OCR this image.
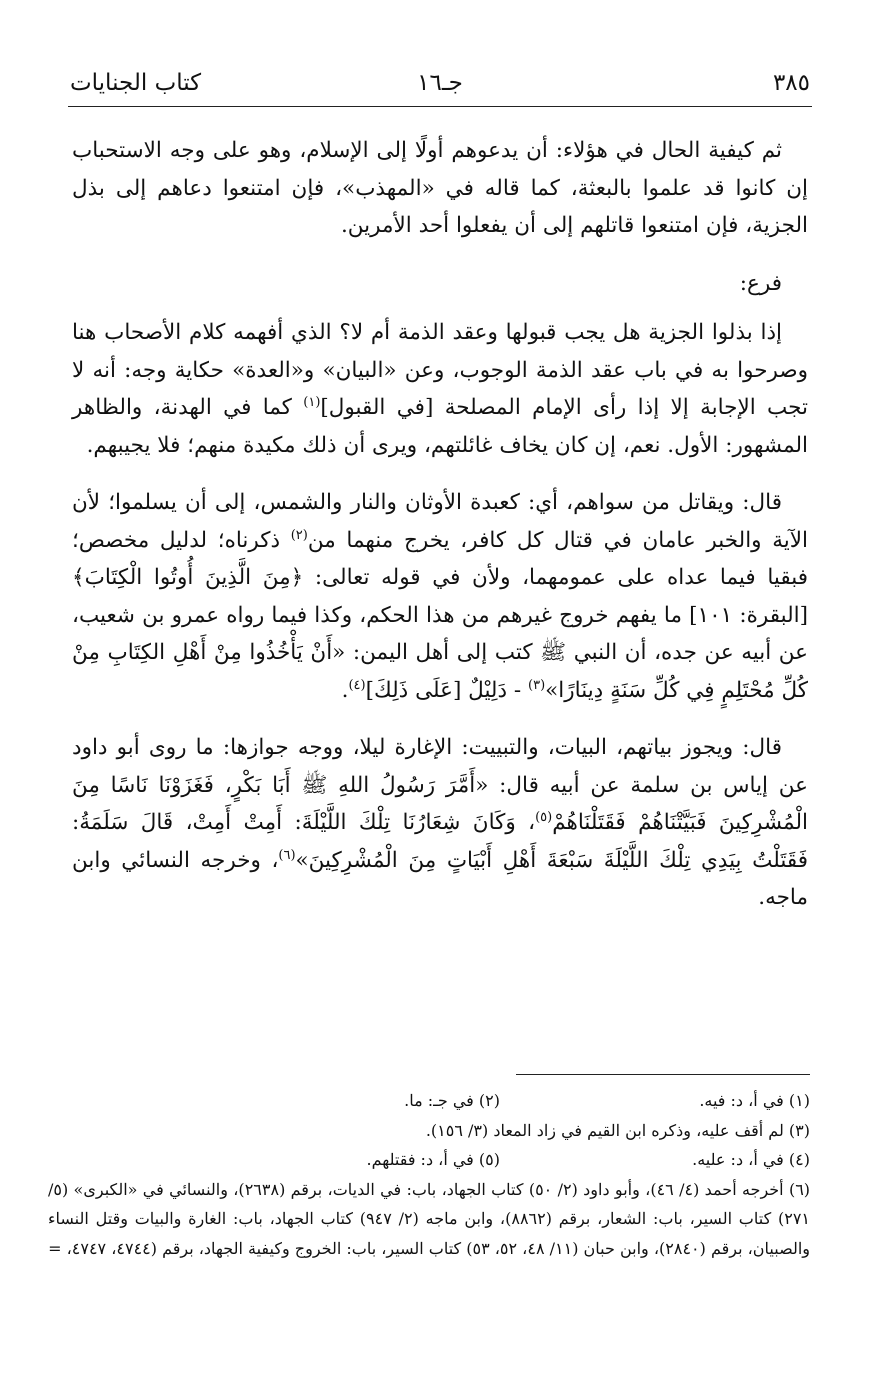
٣٨٥
جـ١٦
كتاب الجنايات

ثم كيفية الحال في هؤلاء: أن يدعوهم أولًا إلى الإسلام، وهو على وجه الاستحباب إن كانوا قد علموا بالبعثة، كما قاله في «المهذب»، فإن امتنعوا دعاهم إلى بذل الجزية، فإن امتنعوا قاتلهم إلى أن يفعلوا أحد الأمرين.

فرع:

إذا بذلوا الجزية هل يجب قبولها وعقد الذمة أم لا؟ الذي أفهمه كلام الأصحاب هنا وصرحوا به في باب عقد الذمة الوجوب، وعن «البيان» و«العدة» حكاية وجه: أنه لا تجب الإجابة إلا إذا رأى الإمام المصلحة [في القبول]$^{(١)}$ كما في الهدنة، والظاهر المشهور: الأول. نعم، إن كان يخاف غائلتهم، ويرى أن ذلك مكيدة منهم؛ فلا يجيبهم.

قال: ويقاتل من سواهم، أي: كعبدة الأوثان والنار والشمس، إلى أن يسلموا؛ لأن الآية والخبر عامان في قتال كل كافر، يخرج منهما من$^{(٢)}$ ذكرناه؛ لدليل مخصص؛ فبقيا فيما عداه على عمومهما، ولأن في قوله تعالى: ﴿مِنَ الَّذِينَ أُوتُوا الْكِتَابَ﴾ [البقرة: ١٠١] ما يفهم خروج غيرهم من هذا الحكم، وكذا فيما رواه عمرو بن شعيب، عن أبيه عن جده، أن النبي ﷺ كتب إلى أهل اليمن: «أَنْ يَأْخُذُوا مِنْ أَهْلِ الكِتَابِ مِنْ كُلِّ مُحْتَلِمٍ فِي كُلِّ سَنَةٍ دِينَارًا»$^{(٣)}$ - دَلِيْلٌ [عَلَى ذَلِكَ]$^{(٤)}$.

قال: ويجوز بياتهم، البيات، والتبييت: الإغارة ليلا، ووجه جوازها: ما روى أبو داود عن إياس بن سلمة عن أبيه قال: «أَمَّرَ رَسُولُ اللهِ ﷺ أَبَا بَكْرٍ، فَغَزَوْنَا نَاسًا مِنَ الْمُشْرِكِينَ فَبَيَّتْنَاهُمْ فَقَتَلْنَاهُمْ$^{(٥)}$، وَكَانَ شِعَارُنَا تِلْكَ اللَّيْلَةَ: أَمِتْ أَمِتْ، قَالَ سَلَمَةُ: فَقَتَلْتُ بِيَدِي تِلْكَ اللَّيْلَةَ سَبْعَةَ أَهْلِ أَبْيَاتٍ مِنَ الْمُشْرِكِينَ»$^{(٦)}$، وخرجه النسائي وابن ماجه.

(١) في أ، د: فيه.
(٢) في جـ: ما.
(٣) لم أقف عليه، وذكره ابن القيم في زاد المعاد (٣/ ١٥٦).
(٤) في أ، د: عليه.
(٥) في أ، د: فقتلهم.
(٦) أخرجه أحمد (٤/ ٤٦)، وأبو داود (٢/ ٥٠) كتاب الجهاد، باب: في الديات، برقم (٢٦٣٨)، والنسائي في «الكبرى» (٥/ ٢٧١) كتاب السير، باب: الشعار، برقم (٨٨٦٢)، وابن ماجه (٢/ ٩٤٧) كتاب الجهاد، باب: الغارة والبيات وقتل النساء والصبيان، برقم (٢٨٤٠)، وابن حبان (١١/ ٤٨، ٥٢، ٥٣) كتاب السير، باب: الخروج وكيفية الجهاد، برقم (٤٧٤٤، ٤٧٤٧، =
